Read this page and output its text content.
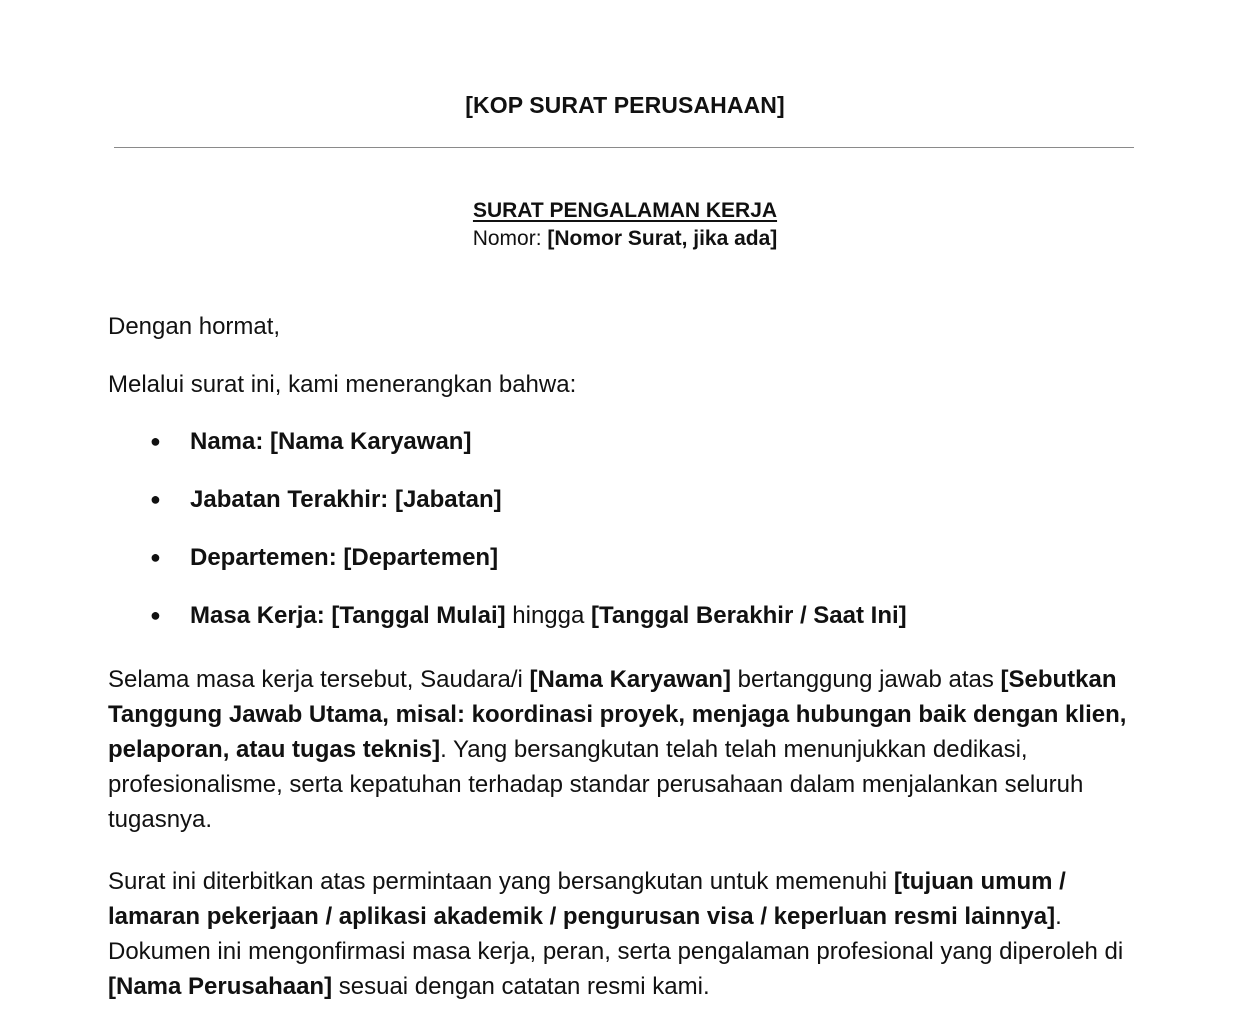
[KOP SURAT PERUSAHAAN]
SURAT PENGALAMAN KERJA
Nomor: [Nomor Surat, jika ada]
Dengan hormat,
Melalui surat ini, kami menerangkan bahwa:
● Nama: [Nama Karyawan]
● Jabatan Terakhir: [Jabatan]
● Departemen: [Departemen]
● Masa Kerja: [Tanggal Mulai] hingga [Tanggal Berakhir / Saat Ini]
Selama masa kerja tersebut, Saudara/i [Nama Karyawan] bertanggung jawab atas [Sebutkan Tanggung Jawab Utama, misal: koordinasi proyek, menjaga hubungan baik dengan klien, pelaporan, atau tugas teknis]. Yang bersangkutan telah telah menunjukkan dedikasi, profesionalisme, serta kepatuhan terhadap standar perusahaan dalam menjalankan seluruh tugasnya.
Surat ini diterbitkan atas permintaan yang bersangkutan untuk memenuhi [tujuan umum / lamaran pekerjaan / aplikasi akademik / pengurusan visa / keperluan resmi lainnya]. Dokumen ini mengonfirmasi masa kerja, peran, serta pengalaman profesional yang diperoleh di [Nama Perusahaan] sesuai dengan catatan resmi kami.
